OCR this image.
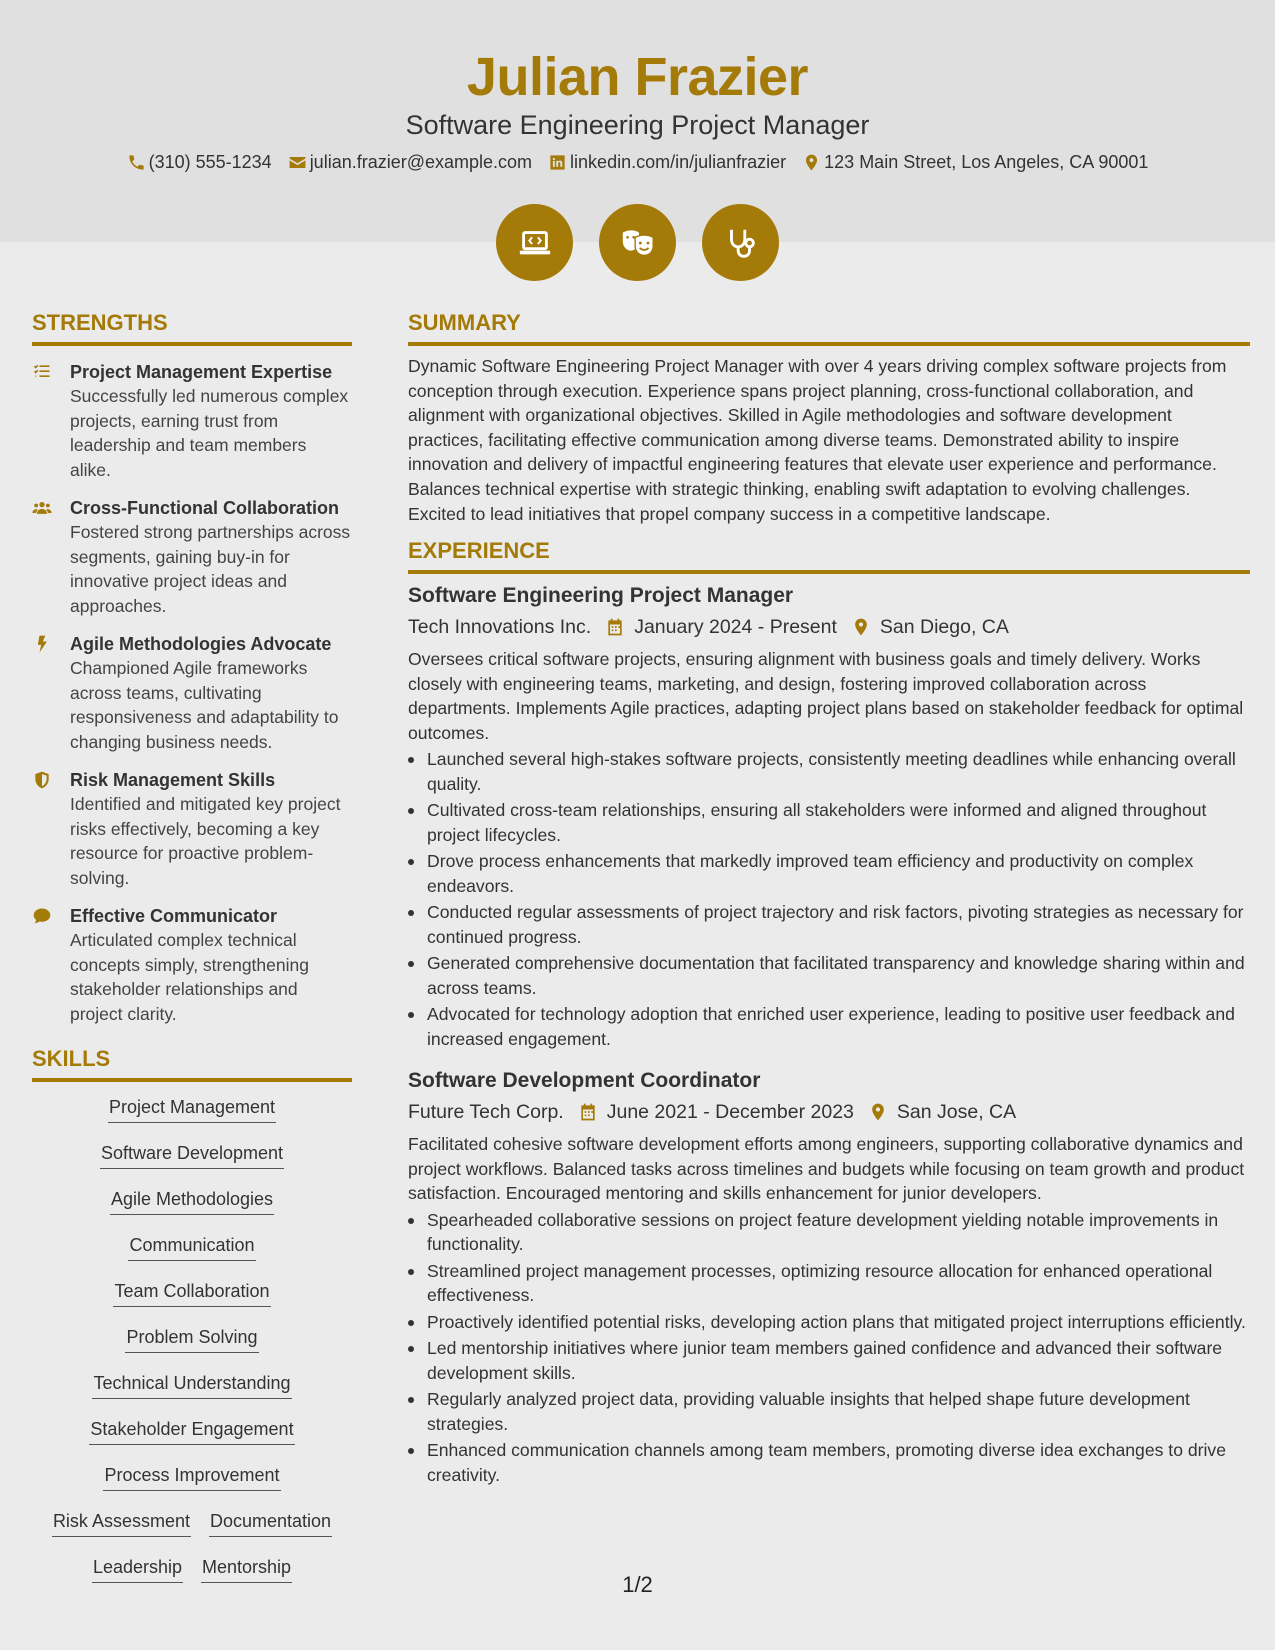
Julian Frazier
Software Engineering Project Manager
(310) 555-1234 julian.frazier@example.com linkedin.com/in/julianfrazier 123 Main Street, Los Angeles, CA 90001
STRENGTHS
Project Management Expertise
Successfully led numerous complex projects, earning trust from leadership and team members alike.
Cross-Functional Collaboration
Fostered strong partnerships across segments, gaining buy-in for innovative project ideas and approaches.
Agile Methodologies Advocate
Championed Agile frameworks across teams, cultivating responsiveness and adaptability to changing business needs.
Risk Management Skills
Identified and mitigated key project risks effectively, becoming a key resource for proactive problem-solving.
Effective Communicator
Articulated complex technical concepts simply, strengthening stakeholder relationships and project clarity.
SKILLS
Project Management
Software Development
Agile Methodologies
Communication
Team Collaboration
Problem Solving
Technical Understanding
Stakeholder Engagement
Process Improvement
Risk Assessment Documentation
Leadership Mentorship
SUMMARY
Dynamic Software Engineering Project Manager with over 4 years driving complex software projects from conception through execution. Experience spans project planning, cross-functional collaboration, and alignment with organizational objectives. Skilled in Agile methodologies and software development practices, facilitating effective communication among diverse teams. Demonstrated ability to inspire innovation and delivery of impactful engineering features that elevate user experience and performance. Balances technical expertise with strategic thinking, enabling swift adaptation to evolving challenges. Excited to lead initiatives that propel company success in a competitive landscape.
EXPERIENCE
Software Engineering Project Manager
Tech Innovations Inc. January 2024 - Present San Diego, CA
Oversees critical software projects, ensuring alignment with business goals and timely delivery. Works closely with engineering teams, marketing, and design, fostering improved collaboration across departments. Implements Agile practices, adapting project plans based on stakeholder feedback for optimal outcomes.
Launched several high-stakes software projects, consistently meeting deadlines while enhancing overall quality.
Cultivated cross-team relationships, ensuring all stakeholders were informed and aligned throughout project lifecycles.
Drove process enhancements that markedly improved team efficiency and productivity on complex endeavors.
Conducted regular assessments of project trajectory and risk factors, pivoting strategies as necessary for continued progress.
Generated comprehensive documentation that facilitated transparency and knowledge sharing within and across teams.
Advocated for technology adoption that enriched user experience, leading to positive user feedback and increased engagement.
Software Development Coordinator
Future Tech Corp. June 2021 - December 2023 San Jose, CA
Facilitated cohesive software development efforts among engineers, supporting collaborative dynamics and project workflows. Balanced tasks across timelines and budgets while focusing on team growth and product satisfaction. Encouraged mentoring and skills enhancement for junior developers.
Spearheaded collaborative sessions on project feature development yielding notable improvements in functionality.
Streamlined project management processes, optimizing resource allocation for enhanced operational effectiveness.
Proactively identified potential risks, developing action plans that mitigated project interruptions efficiently.
Led mentorship initiatives where junior team members gained confidence and advanced their software development skills.
Regularly analyzed project data, providing valuable insights that helped shape future development strategies.
Enhanced communication channels among team members, promoting diverse idea exchanges to drive creativity.
1/2
